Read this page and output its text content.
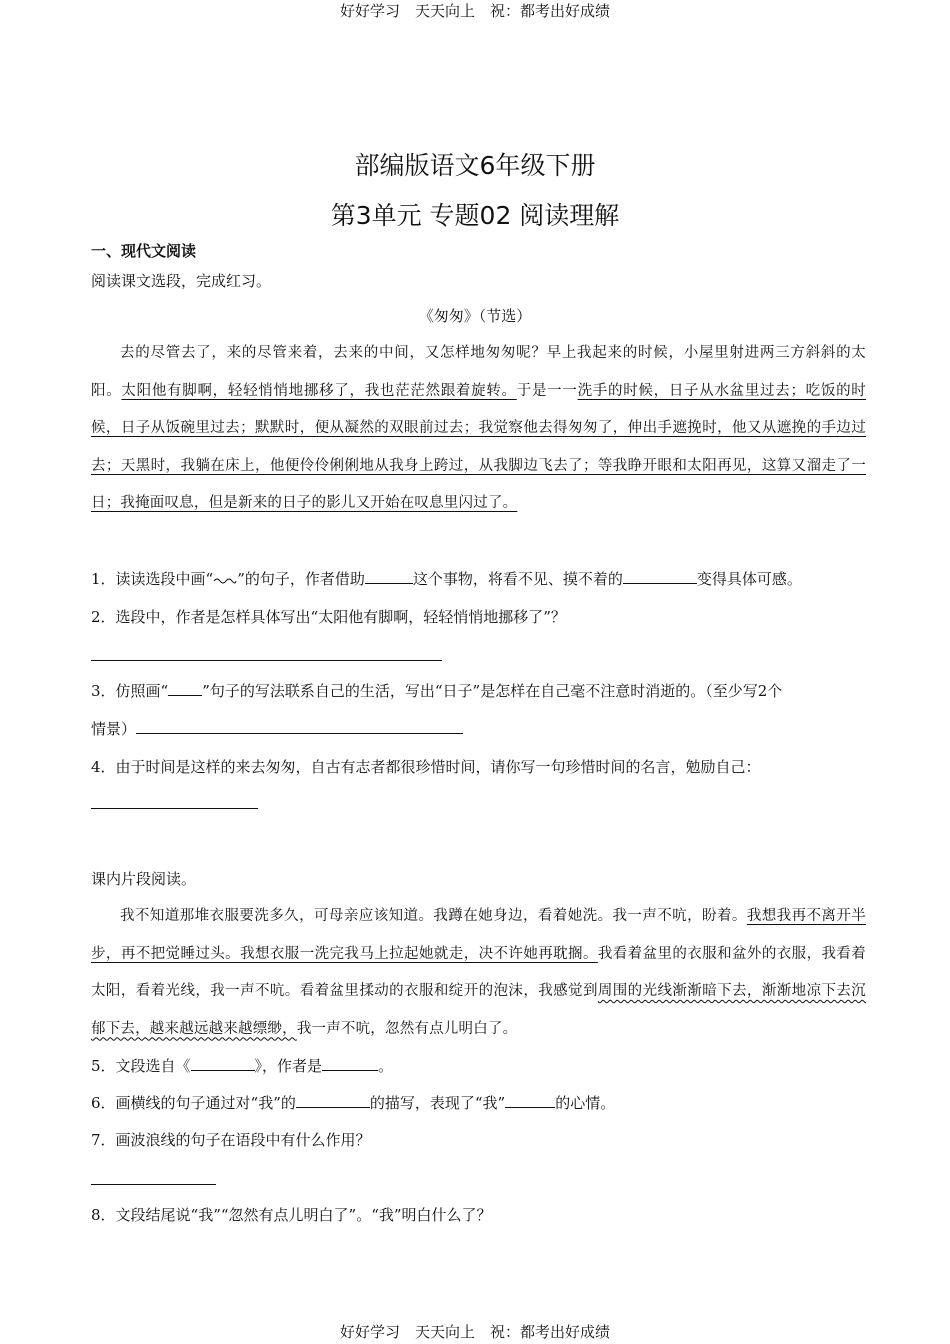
好好学习　天天向上　祝：都考出好成绩
部编版语文6年级下册
第3单元 专题02 阅读理解
一、现代文阅读
阅读课文选段，完成红习。
《匆匆》（节选）

去的尽管去了，来的尽管来着，去来的中间，又怎样地匆匆呢？早上我起来的时候，小屋里射进两三方斜斜的太阳。太阳他有脚啊，轻轻悄悄地挪移了，我也茫茫然跟着旋转。于是一一洗手的时候，日子从水盆里过去；吃饭的时候，日子从饭碗里过去；默默时，便从凝然的双眼前过去；我觉察他去得匆匆了，伸出手遮挽时，他又从遮挽的手边过去；天黑时，我躺在床上，他便伶伶俐俐地从我身上跨过，从我脚边飞去了；等我睁开眼和太阳再见，这算又溜走了一日；我掩面叹息，但是新来的日子的影儿又开始在叹息里闪过了。

1．读读选段中画“ ”的句子，作者借助	这个事物，将看不见、摸不着的	变得具体可感。
2．选段中，作者是怎样具体写出“太阳他有脚啊，轻轻悄悄地挪移了”？
3．仿照画“ ”句子的写法联系自己的生活，写出“日子”是怎样在自己毫不注意时消逝的。（至少写2个
情景）
4．由于时间是这样的来去匆匆，自古有志者都很珍惜时间，请你写一句珍惜时间的名言，勉励自己：
课内片段阅读。

我不知道那堆衣服要洗多久，可母亲应该知道。我蹲在她身边，看着她洗。我一声不吭，盼着。我想我再不离开半步，再不把觉睡过头。我想衣服一洗完我马上拉起她就走，决不许她再耽搁。我看着盆里的衣服和盆外的衣服，我看着太阳，看着光线，我一声不吭。看着盆里揉动的衣服和绽开的泡沫，我感觉到周围的光线渐渐暗下去，渐渐地凉下去沉郁下去，越来越远越来越缥缈，我一声不吭，忽然有点儿明白了。

5．文段选自《	》，作者是	。
6．画横线的句子通过对“我”的	的描写，表现了“我”	的心情。
7．画波浪线的句子在语段中有什么作用？
8．文段结尾说“我”“忽然有点儿明白了”。“我”明白什么了？
好好学习　天天向上　祝：都考出好成绩
